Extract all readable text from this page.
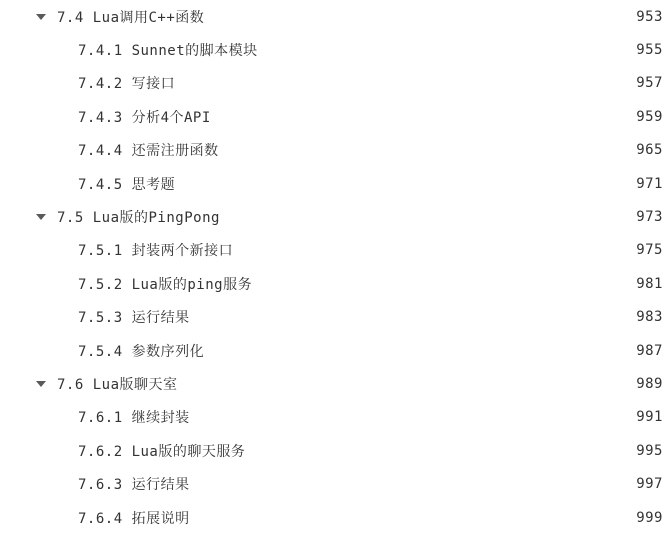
7.4 Lua调用C++函数	953
7.4.1 Sunnet的脚本模块	955
7.4.2 写接口	957
7.4.3 分析4个API	959
7.4.4 还需注册函数	965
7.4.5 思考题	971
7.5 Lua版的PingPong	973
7.5.1 封装两个新接口	975
7.5.2 Lua版的ping服务	981
7.5.3 运行结果	983
7.5.4 参数序列化	987
7.6 Lua版聊天室	989
7.6.1 继续封装	991
7.6.2 Lua版的聊天服务	995
7.6.3 运行结果	997
7.6.4 拓展说明	999
